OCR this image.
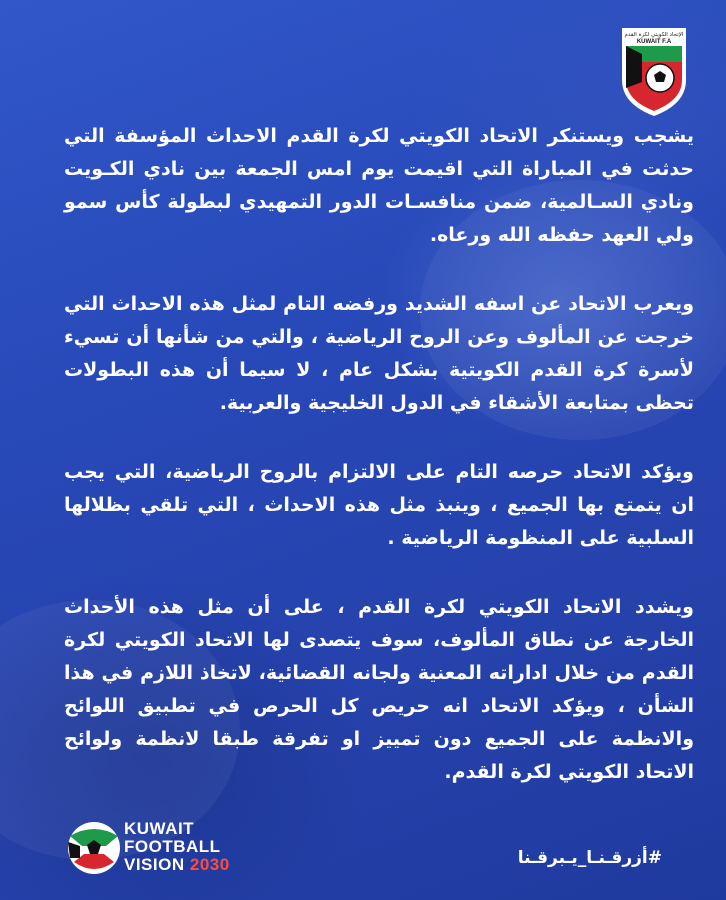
الإتحاد الكويتي لكرة القدم
KUWAIT F.A

يشجب ويستنكر الاتحاد الكويتي لكرة القدم الاحداث المؤسفة التي حدثت في المباراة التي اقيمت يوم امس الجمعة بين نادي الكـويت ونادي السـالمية، ضمن منافسـات الدور التمهيدي لبطولة كأس سمو ولي العهد حفظه الله ورعاه.

ويعرب الاتحاد عن اسفه الشديد ورفضه التام لمثل هذه الاحداث التي خرجت عن المألوف وعن الروح الرياضية ، والتي من شأنها أن تسيء لأسرة كرة القدم الكويتية بشكل عام ، لا سيما أن هذه البطولات تحظى بمتابعة الأشقاء في الدول الخليجية والعربية.

ويؤكد الاتحاد حرصه التام على الالتزام بالروح الرياضية، التي يجب ان يتمتع بها الجميع ، وينبذ مثل هذه الاحداث ، التي تلقي بظلالها السلبية على المنظومة الرياضية .

ويشدد الاتحاد الكويتي لكرة القدم ، على أن مثل هذه الأحداث الخارجة عن نطاق المألوف، سوف يتصدى لها الاتحاد الكويتي لكرة القدم من خلال اداراته المعنية ولجانه القضائية، لاتخاذ اللازم في هذا الشأن ، ويؤكد الاتحاد انه حريص كل الحرص في تطبيق اللوائح والانظمة على الجميع دون تمييز او تفرقة طبقا لانظمة ولوائح الاتحاد الكويتي لكرة القدم.

KUWAIT
FOOTBALL
VISION 2030	#أزرقـنـا_يـبرقـنا
